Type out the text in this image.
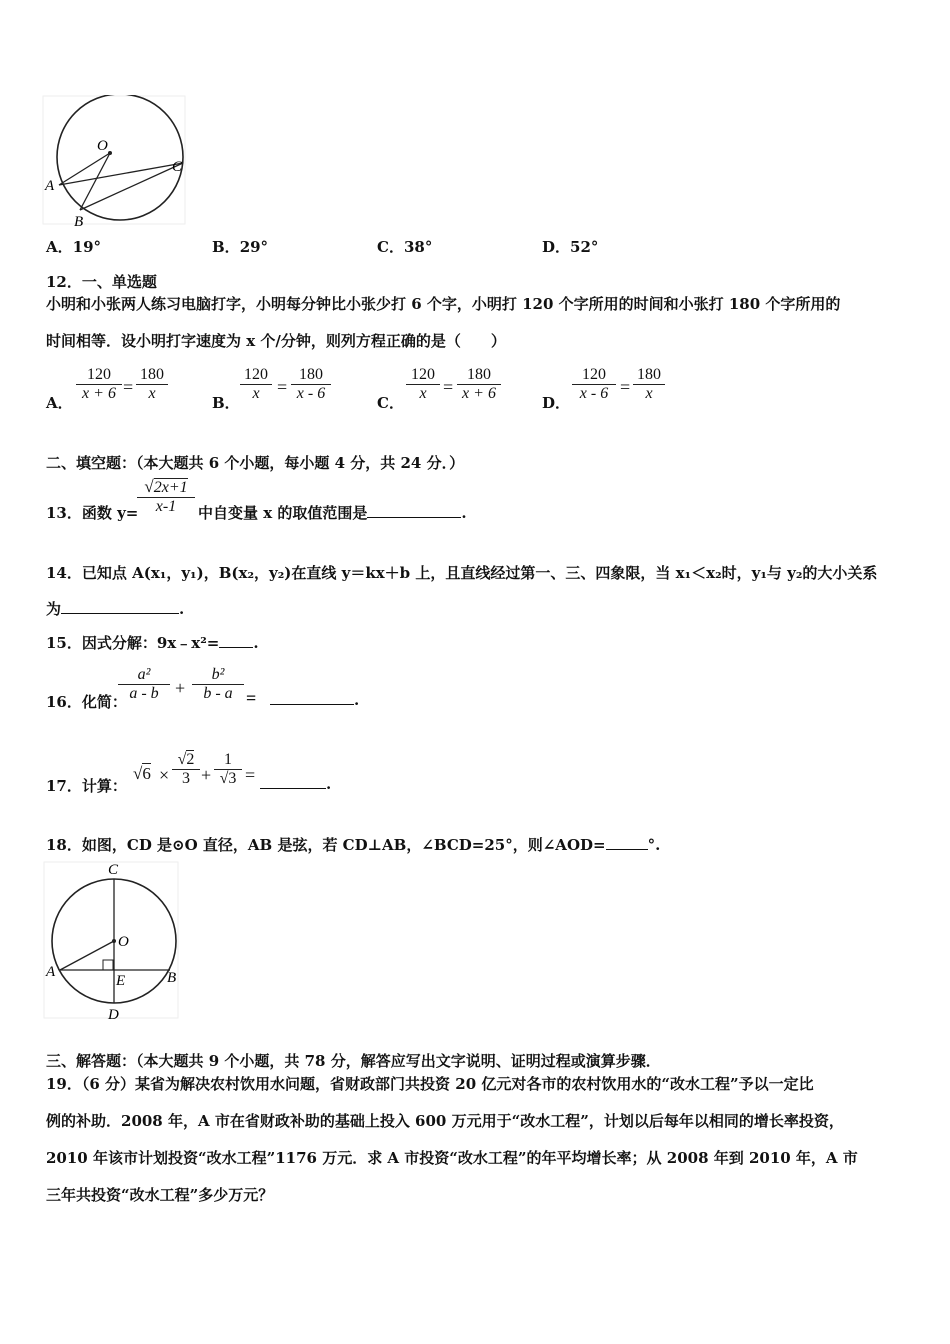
O
A
B
C
A．19°	B．29°	C．38°	D．52°
12．一、单选题
小明和小张两人练习电脑打字，小明每分钟比小张少打 6 个字，小明打 120 个字所用的时间和小张打 180 个字所用的
时间相等．设小明打字速度为 x 个/分钟，则列方程正确的是（　　）
A． $\frac{120}{x + 6} = \frac{180}{x}$	B． $\frac{120}{x} = \frac{180}{x - 6}$	C． $\frac{120}{x} = \frac{180}{x + 6}$	D． $\frac{120}{x - 6} = \frac{180}{x}$
二、填空题：（本大题共 6 个小题，每小题 4 分，共 24 分．）
13．函数 y=
$\frac{√2x+1}{x-1}$ 中自变量 x 的取值范围是	.
14．已知点 A(x₁，y₁)，B(x₂，y₂)在直线 y＝kx＋b 上，且直线经过第一、三、四象限，当 x₁＜x₂时，y₁与 y₂的大小关系
为	.
15．因式分解：9x﹣x²= .
16．化简：
$\frac{\text{a²}}{a - b} + \frac{\text{b²}}{b - a}$ =	.
17．计算：
$√6 \times \frac{√2}{3} + \frac{1}{√3}$ =	.
18．如图，CD 是⊙O 直径，AB 是弦，若 CD⊥AB，∠BCD=25°，则∠AOD=	°.
C
O
A	B
E
D
三、解答题：（本大题共 9 个小题，共 78 分，解答应写出文字说明、证明过程或演算步骤．
19．（6 分）某省为解决农村饮用水问题，省财政部门共投资 20 亿元对各市的农村饮用水的“改水工程”予以一定比
例的补助．2008 年，A 市在省财政补助的基础上投入 600 万元用于“改水工程”，计划以后每年以相同的增长率投资，
2010 年该市计划投资“改水工程”1176 万元．求 A 市投资“改水工程”的年平均增长率；从 2008 年到 2010 年，A 市
三年共投资“改水工程”多少万元？
